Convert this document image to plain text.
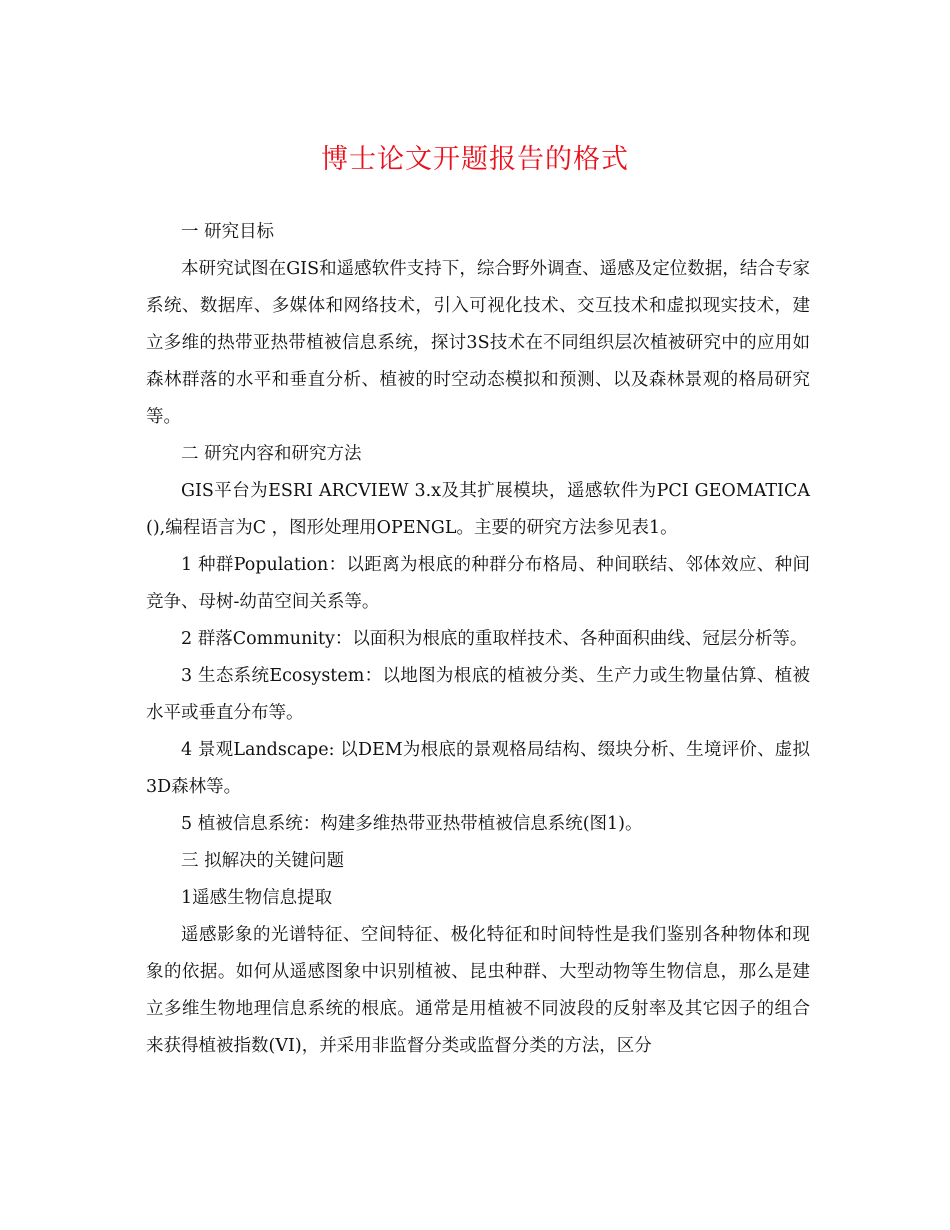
博士论文开题报告的格式

一 研究目标

本研究试图在GIS和遥感软件支持下，综合野外调查、遥感及定位数据，结合专家系统、数据库、多媒体和网络技术，引入可视化技术、交互技术和虚拟现实技术，建立多维的热带亚热带植被信息系统，探讨3S技术在不同组织层次植被研究中的应用如森林群落的水平和垂直分析、植被的时空动态模拟和预测、以及森林景观的格局研究等。

二 研究内容和研究方法

GIS平台为ESRI ARCVIEW 3.x及其扩展模块，遥感软件为PCI GEOMATICA (),编程语言为C ，图形处理用OPENGL。主要的研究方法参见表1。

1 种群Population：以距离为根底的种群分布格局、种间联结、邻体效应、种间竞争、母树-幼苗空间关系等。

2 群落Community：以面积为根底的重取样技术、各种面积曲线、冠层分析等。

3 生态系统Ecosystem：以地图为根底的植被分类、生产力或生物量估算、植被水平或垂直分布等。

4 景观Landscape: 以DEM为根底的景观格局结构、缀块分析、生境评价、虚拟3D森林等。

5 植被信息系统：构建多维热带亚热带植被信息系统(图1)。

三 拟解决的关键问题

1遥感生物信息提取

遥感影象的光谱特征、空间特征、极化特征和时间特性是我们鉴别各种物体和现象的依据。如何从遥感图象中识别植被、昆虫种群、大型动物等生物信息，那么是建立多维生物地理信息系统的根底。通常是用植被不同波段的反射率及其它因子的组合来获得植被指数(VI)，并采用非监督分类或监督分类的方法，区分
